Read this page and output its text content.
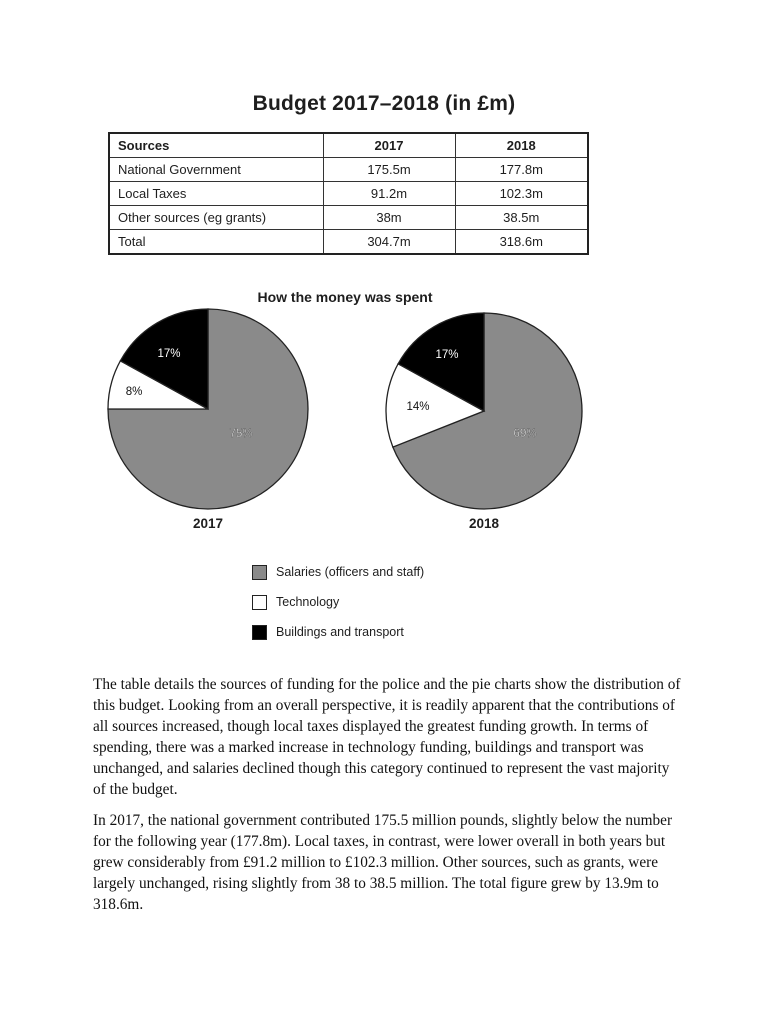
Budget 2017–2018 (in £m)
Sources	2017	2018
National Government	175.5m	177.8m
Local Taxes	91.2m	102.3m
Other sources (eg grants)	38m	38.5m
Total	304.7m	318.6m
How the money was spent
75%
8%
17%
2017
69%
14%
17%
2018
Salaries (officers and staff)
Technology
Buildings and transport

The table details the sources of funding for the police and the pie charts show the distribution of this budget. Looking from an overall perspective, it is readily apparent that the contributions of all sources increased, though local taxes displayed the greatest funding growth. In terms of spending, there was a marked increase in technology funding, buildings and transport was unchanged, and salaries declined though this category continued to represent the vast majority of the budget.

In 2017, the national government contributed 175.5 million pounds, slightly below the number for the following year (177.8m). Local taxes, in contrast, were lower overall in both years but grew considerably from £91.2 million to £102.3 million. Other sources, such as grants, were largely unchanged, rising slightly from 38 to 38.5 million. The total figure grew by 13.9m to 318.6m.
